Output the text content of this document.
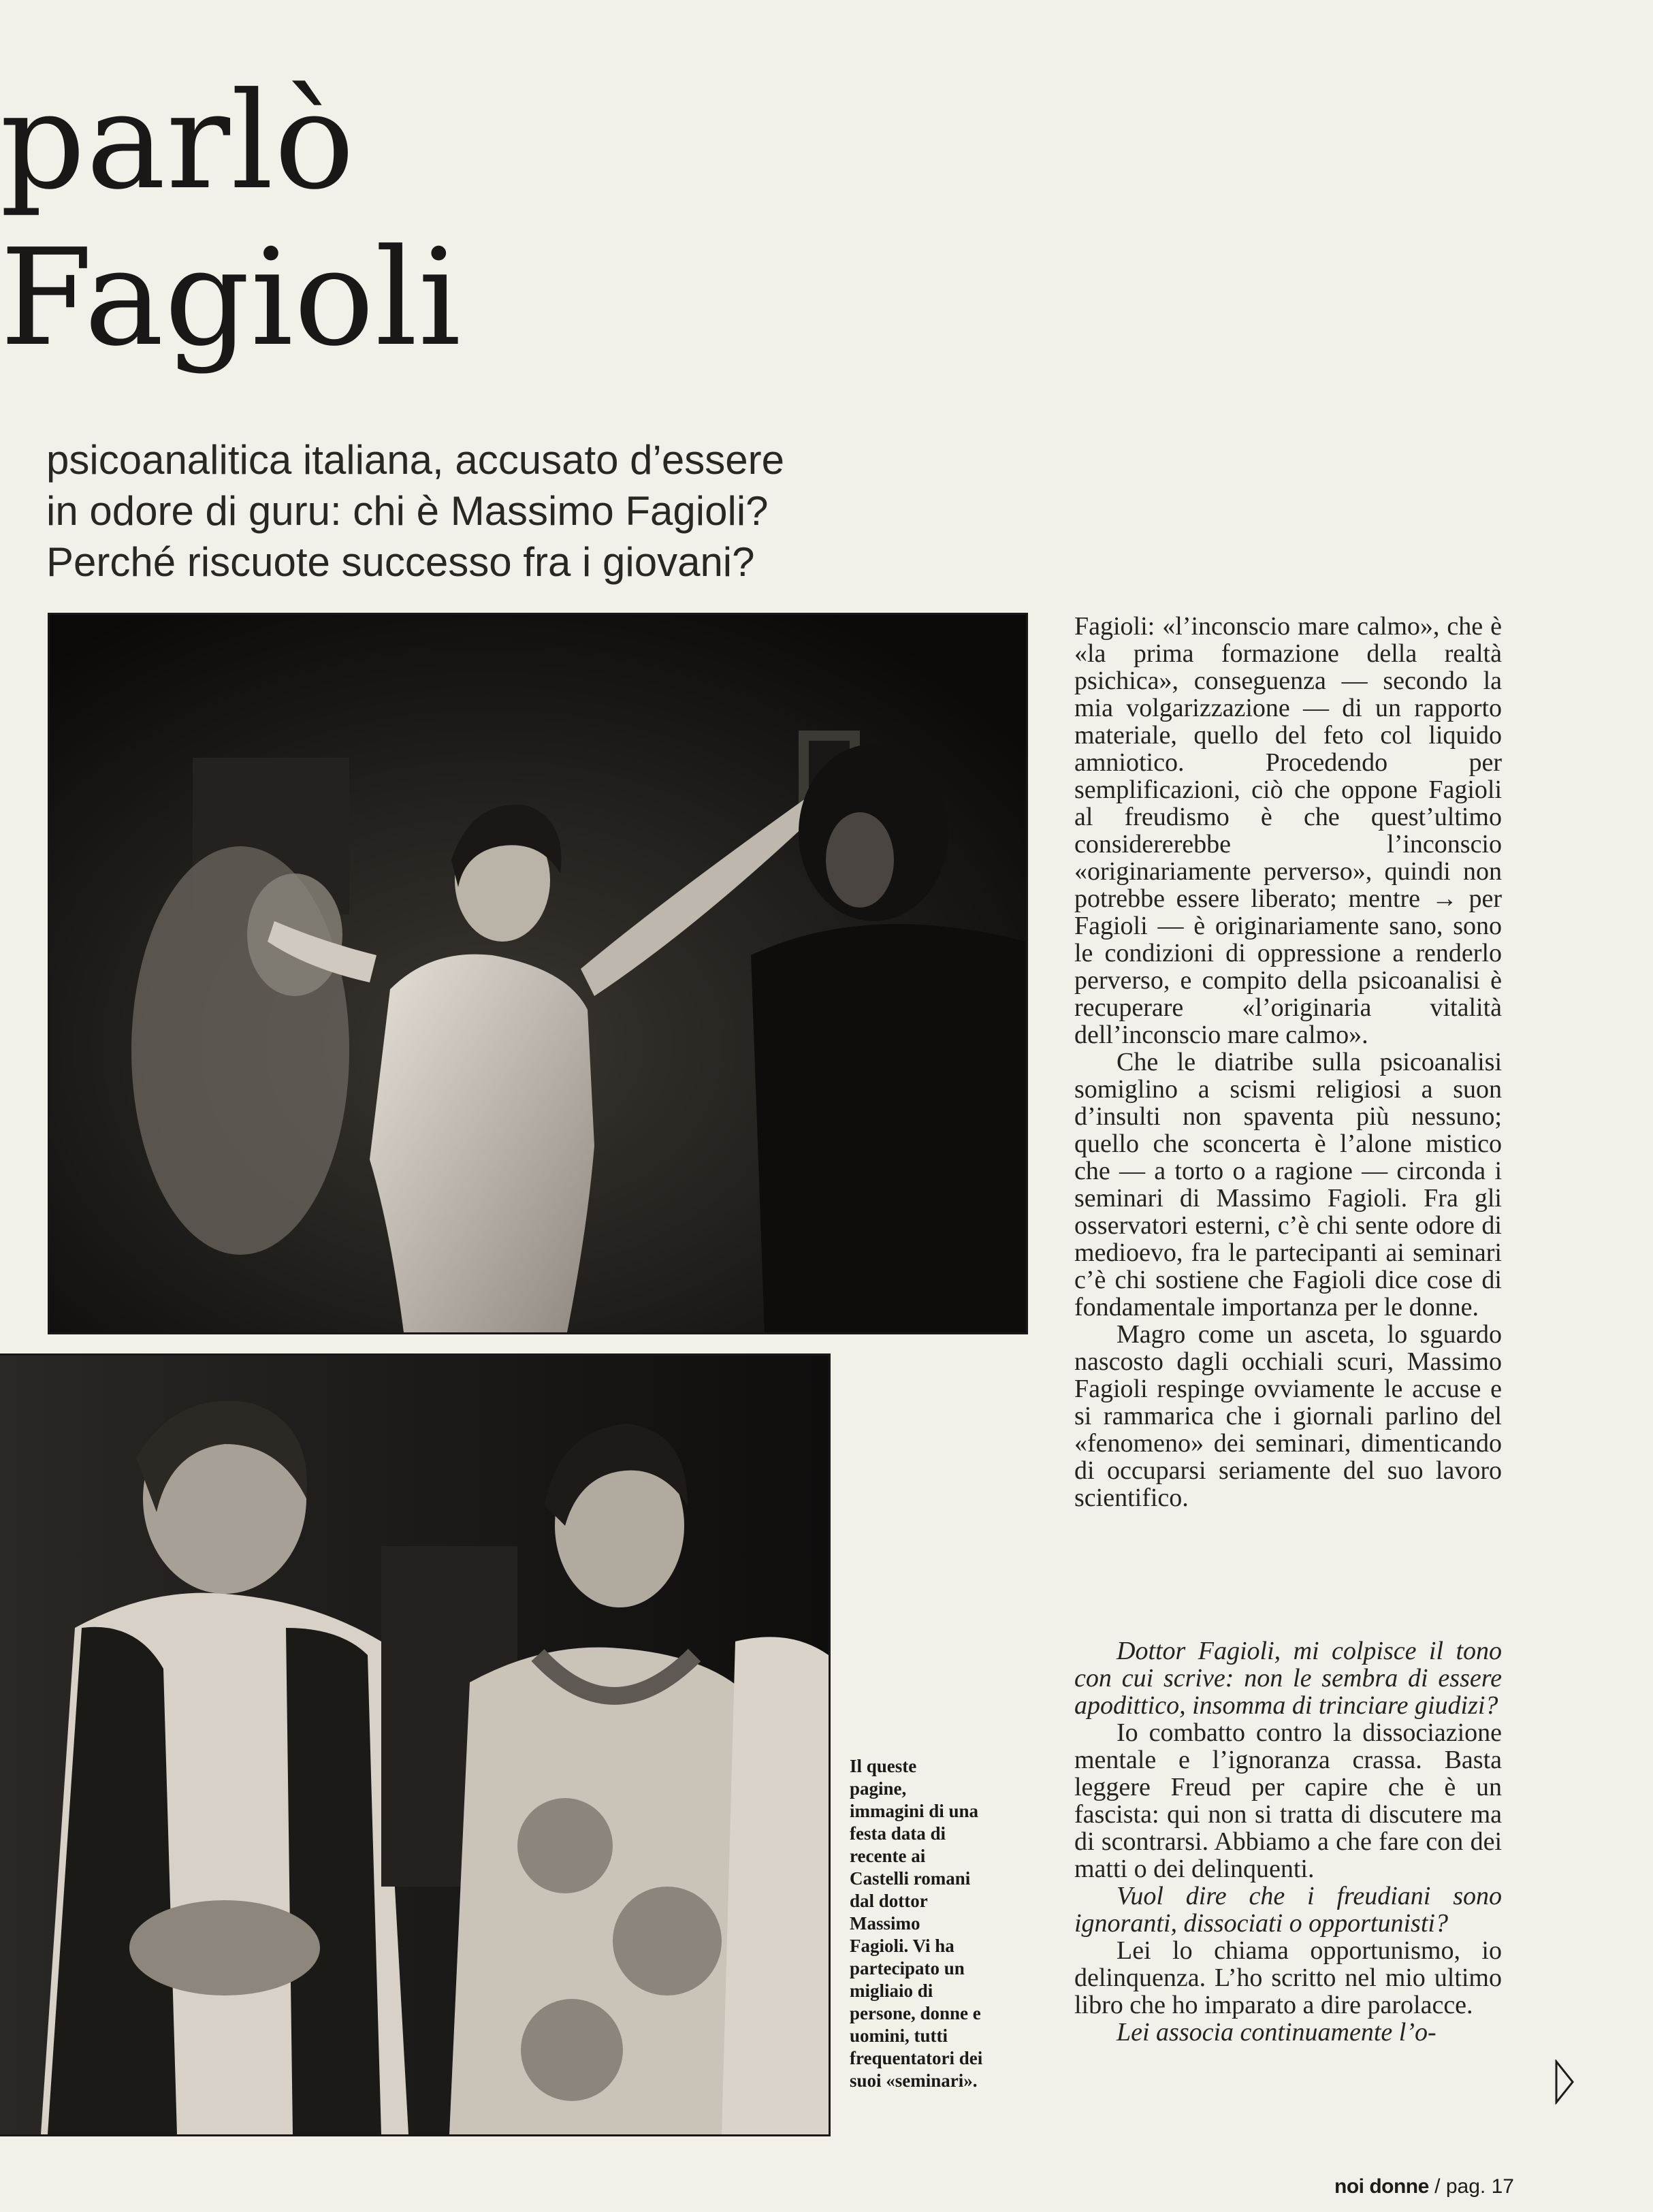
parlò
Fagioli
psicoanalitica italiana, accusato d’essere
in odore di guru: chi è Massimo Fagioli?
Perché riscuote successo fra i giovani?
Il queste
pagine,
immagini di una
festa data di
recente ai
Castelli romani
dal dottor
Massimo
Fagioli. Vi ha
partecipato un
migliaio di
persone, donne e
uomini, tutti
frequentatori dei
suoi «seminari».

Fagioli: «l’inconscio mare calmo», che è «la prima formazione della realtà psichica», conseguenza — secondo la mia volgarizzazione — di un rapporto materiale, quello del feto col liquido amniotico. Procedendo per semplificazioni, ciò che oppone Fagioli al freudismo è che quest’ultimo considererebbe l’inconscio «originariamente perverso», quindi non potrebbe essere liberato; mentre → per Fagioli — è originariamente sano, sono le condizioni di oppressione a renderlo perverso, e compito della psicoanalisi è recuperare «l’originaria vitalità dell’inconscio mare calmo».

Che le diatribe sulla psicoanalisi somiglino a scismi religiosi a suon d’insulti non spaventa più nessuno; quello che sconcerta è l’alone mistico che — a torto o a ragione — circonda i seminari di Massimo Fagioli. Fra gli osservatori esterni, c’è chi sente odore di medioevo, fra le partecipanti ai seminari c’è chi sostiene che Fagioli dice cose di fondamentale importanza per le donne.

Magro come un asceta, lo sguardo nascosto dagli occhiali scuri, Massimo Fagioli respinge ovviamente le accuse e si rammarica che i giornali parlino del «fenomeno» dei seminari, dimenticando di occuparsi seriamente del suo lavoro scientifico.

Dottor Fagioli, mi colpisce il tono con cui scrive: non le sembra di essere apodittico, insomma di trinciare giudizi?

Io combatto contro la dissociazione mentale e l’ignoranza crassa. Basta leggere Freud per capire che è un fascista: qui non si tratta di discutere ma di scontrarsi. Abbiamo a che fare con dei matti o dei delinquenti.

Vuol dire che i freudiani sono ignoranti, dissociati o opportunisti?

Lei lo chiama opportunismo, io delinquenza. L’ho scritto nel mio ultimo libro che ho imparato a dire parolacce.

Lei associa continuamente l’o-

noi donne / pag. 17
